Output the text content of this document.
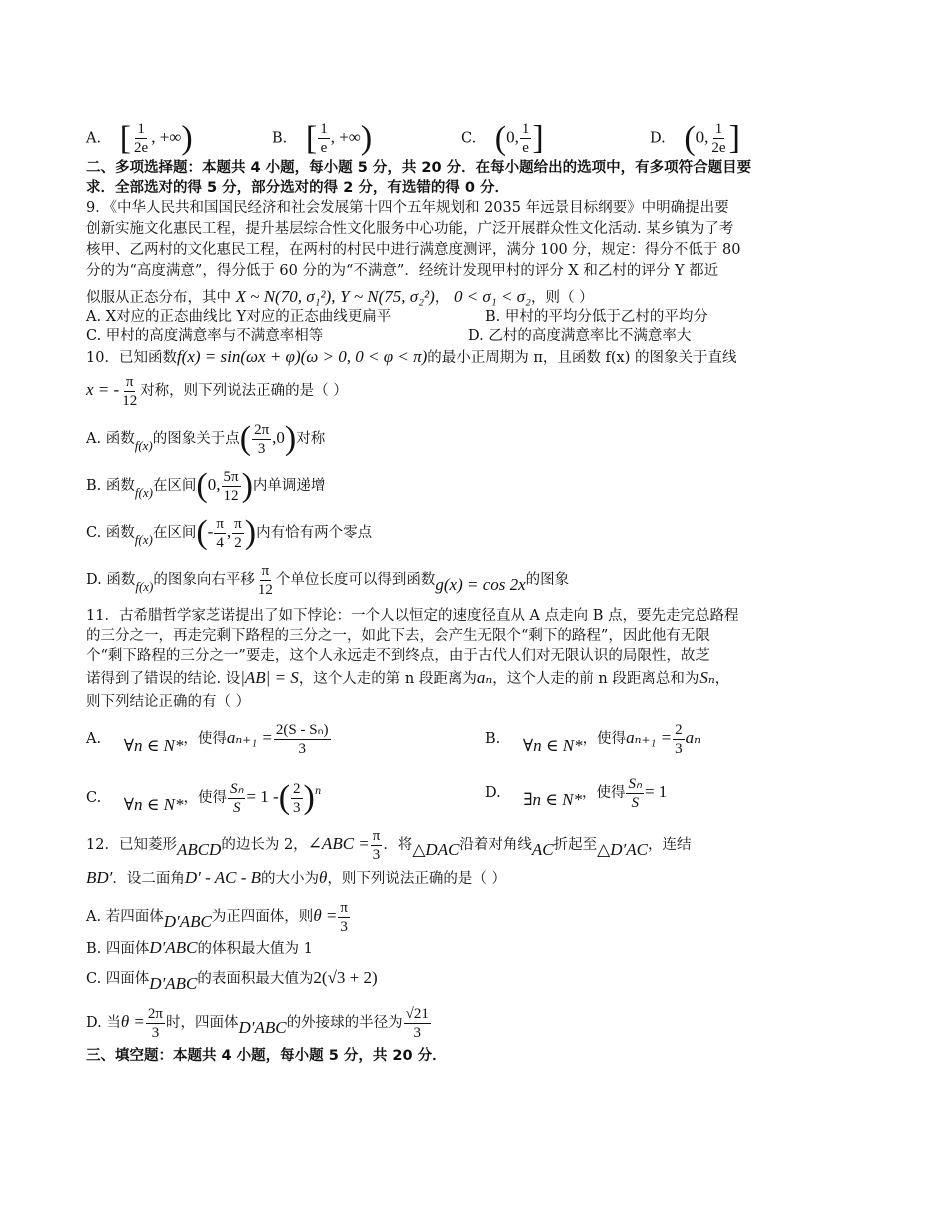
A. [ $\frac{1}{2e}$ , +∞)	B. [ $\frac{1}{e}$ , +∞)	C. (0, $\frac{1}{e}$ ]	D. (0, $\frac{1}{2e}$ ]
二、多项选择题：本题共 4 小题，每小题 5 分，共 20 分．在每小题给出的选项中，有多项符合题目要
求．全部选对的得 5 分，部分选对的得 2 分，有选错的得 0 分．
9．《中华人民共和国国民经济和社会发展第十四个五年规划和 2035 年远景目标纲要》中明确提出要
创新实施文化惠民工程，提升基层综合性文化服务中心功能，广泛开展群众性文化活动. 某乡镇为了考
核甲、乙两村的文化惠民工程，在两村的村民中进行满意度测评，满分 100 分，规定：得分不低于 80
分的为“高度满意”，得分低于 60 分的为“不满意”．经统计发现甲村的评分 X 和乙村的评分 Y 都近
似服从正态分布，其中 X ~ N(70, σ₁²), Y ~ N(75, σ₂²)， 0 < σ₁ < σ₂，则（ ）
A. X对应的正态曲线比 Y对应的正态曲线更扁平	B. 甲村的平均分低于乙村的平均分
C. 甲村的高度满意率与不满意率相等	D. 乙村的高度满意率比不满意率大
10．已知函数f(x) = sin(ωx + φ)(ω > 0, 0 < φ < π)的最小正周期为 π，且函数 f(x) 的图象关于直线
x = - $\frac{\pi}{12}$ 对称，则下列说法正确的是（ ）
A. 函数f(x)的图象关于点( $\frac{2\pi}{3} ,0$)对称
B. 函数f(x)在区间(0, $\frac{5\pi}{12}$ )内单调递增
C. 函数f(x)在区间(- $\frac{\pi}{4}$ , $\frac{\pi}{2}$ )内有恰有两个零点
D. 函数f(x)的图象向右平移 $\frac{\pi}{12}$ 个单位长度可以得到函数g(x) = cos 2x的图象
11．古希腊哲学家芝诺提出了如下悖论：一个人以恒定的速度径直从 A 点走向 B 点，要先走完总路程
的三分之一，再走完剩下路程的三分之一，如此下去，会产生无限个“剩下的路程”，因此他有无限
个“剩下路程的三分之一”要走，这个人永远走不到终点，由于古代人们对无限认识的局限性，故芝
诺得到了错误的结论. 设|AB| = S，这个人走的第 n 段距离为aₙ，这个人走的前 n 段距离总和为Sₙ，
则下列结论正确的有（ ）
A. ∀n ∈ N*，使得$a_{n+1} = \frac{\text{2(S - Sₙ)}}{3}$	B. ∀n ∈ N*，使得$a_{n+1} = \frac{2}{3}$ aₙ
C. ∀n ∈ N*，使得 $\frac{\text{Sₙ}}{S} = 1$ -( $\frac{2}{3} )^n$	D. ∃n ∈ N*，使得 $\frac{\text{Sₙ}}{S} = 1$
12．已知菱形ABCD的边长为 2，∠ABC = $\frac{\pi}{3}$ ．将△DAC沿着对角线AC折起至△D′AC，连结
BD′．设二面角D′ - AC - B的大小为θ，则下列说法正确的是（ ）
A. 若四面体D′ABC为正四面体，则$\theta = \frac{\pi}{3}$
B. 四面体D′ABC的体积最大值为 1
C. 四面体D′ABC的表面积最大值为2(√3 + 2)
D. 当$\theta = \frac{2\pi}{3}$ 时，四面体D′ABC的外接球的半径为 $\frac{√21}{3}$
三、填空题：本题共 4 小题，每小题 5 分，共 20 分．
